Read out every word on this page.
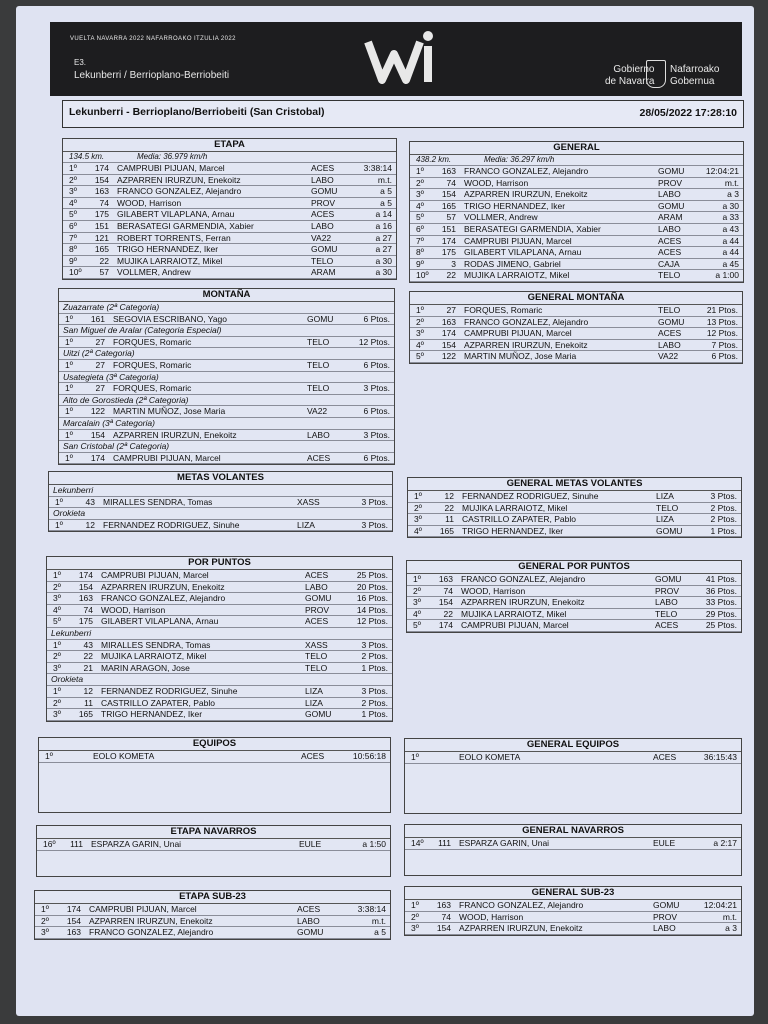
VUELTA NAVARRA 2022 NAFARROAKO ITZULIA 2022
E3.
Lekunberri / Berrioplano-Berriobeiti
Gobierno
de Navarra
Nafarroako
Gobernua
Lekunberri - Berrioplano/Berriobeiti (San Cristobal)	28/05/2022 17:28:10
ETAPA
134.5 km.	Media: 36.979 km/h
1º	174 CAMPRUBI PIJUAN, Marcel	ACES	3:38:14
2º	154 AZPARREN IRURZUN, Enekoitz	LABO	m.t.
3º	163 FRANCO GONZALEZ, Alejandro	GOMU	a 5
4º	74 WOOD, Harrison	PROV	a 5
5º	175 GILABERT VILAPLANA, Arnau	ACES	a 14
6º	151 BERASATEGI GARMENDIA, Xabier	LABO	a 16
7º	121 ROBERT TORRENTS, Ferran	VA22	a 27
8º	165 TRIGO HERNANDEZ, Iker	GOMU	a 27
9º	22 MUJIKA LARRAIOTZ, Mikel	TELO	a 30
10º	57 VOLLMER, Andrew	ARAM	a 30
GENERAL
438.2 km.	Media: 36.297 km/h
1º	163 FRANCO GONZALEZ, Alejandro	GOMU	12:04:21
2º	74 WOOD, Harrison	PROV	m.t.
3º	154 AZPARREN IRURZUN, Enekoitz	LABO	a 3
4º	165 TRIGO HERNANDEZ, Iker	GOMU	a 30
5º	57 VOLLMER, Andrew	ARAM	a 33
6º	151 BERASATEGI GARMENDIA, Xabier	LABO	a 43
7º	174 CAMPRUBI PIJUAN, Marcel	ACES	a 44
8º	175 GILABERT VILAPLANA, Arnau	ACES	a 44
9º	3 RODAS JIMENO, Gabriel	CAJA	a 45
10º	22 MUJIKA LARRAIOTZ, Mikel	TELO	a 1:00
MONTAÑA
Zuazarrate (2ª Categoria)
1º	161 SEGOVIA ESCRIBANO, Yago	GOMU	6 Ptos.
San Miguel de Aralar (Categoria Especial)
1º	27 FORQUES, Romaric	TELO	12 Ptos.
Uitzi (2ª Categoria)
1º	27 FORQUES, Romaric	TELO	6 Ptos.
Usategieta (3ª Categoria)
1º	27 FORQUES, Romaric	TELO	3 Ptos.
Alto de Gorostieda (2ª Categoria)
1º	122 MARTIN MUÑOZ, Jose Maria	VA22	6 Ptos.
Marcalain (3ª Categoria)
1º	154 AZPARREN IRURZUN, Enekoitz	LABO	3 Ptos.
San Cristobal (2ª Categoria)
1º	174 CAMPRUBI PIJUAN, Marcel	ACES	6 Ptos.
GENERAL MONTAÑA
1º	27 FORQUES, Romaric	TELO	21 Ptos.
2º	163 FRANCO GONZALEZ, Alejandro	GOMU	13 Ptos.
3º	174 CAMPRUBI PIJUAN, Marcel	ACES	12 Ptos.
4º	154 AZPARREN IRURZUN, Enekoitz	LABO	7 Ptos.
5º	122 MARTIN MUÑOZ, Jose Maria	VA22	6 Ptos.
METAS VOLANTES
Lekunberri
1º	43 MIRALLES SENDRA, Tomas	XASS	3 Ptos.
Orokieta
1º	12 FERNANDEZ RODRIGUEZ, Sinuhe	LIZA	3 Ptos.
GENERAL METAS VOLANTES
1º	12 FERNANDEZ RODRIGUEZ, Sinuhe	LIZA	3 Ptos.
2º	22 MUJIKA LARRAIOTZ, Mikel	TELO	2 Ptos.
3º	11 CASTRILLO ZAPATER, Pablo	LIZA	2 Ptos.
4º	165 TRIGO HERNANDEZ, Iker	GOMU	1 Ptos.
POR PUNTOS
1º	174 CAMPRUBI PIJUAN, Marcel	ACES	25 Ptos.
2º	154 AZPARREN IRURZUN, Enekoitz	LABO	20 Ptos.
3º	163 FRANCO GONZALEZ, Alejandro	GOMU	16 Ptos.
4º	74 WOOD, Harrison	PROV	14 Ptos.
5º	175 GILABERT VILAPLANA, Arnau	ACES	12 Ptos.
Lekunberri
1º	43 MIRALLES SENDRA, Tomas	XASS	3 Ptos.
2º	22 MUJIKA LARRAIOTZ, Mikel	TELO	2 Ptos.
3º	21 MARIN ARAGON, Jose	TELO	1 Ptos.
Orokieta
1º	12 FERNANDEZ RODRIGUEZ, Sinuhe	LIZA	3 Ptos.
2º	11 CASTRILLO ZAPATER, Pablo	LIZA	2 Ptos.
3º	165 TRIGO HERNANDEZ, Iker	GOMU	1 Ptos.
GENERAL POR PUNTOS
1º	163 FRANCO GONZALEZ, Alejandro	GOMU	41 Ptos.
2º	74 WOOD, Harrison	PROV	36 Ptos.
3º	154 AZPARREN IRURZUN, Enekoitz	LABO	33 Ptos.
4º	22 MUJIKA LARRAIOTZ, Mikel	TELO	29 Ptos.
5º	174 CAMPRUBI PIJUAN, Marcel	ACES	25 Ptos.
EQUIPOS
1º	EOLO KOMETA	ACES	10:56:18
GENERAL EQUIPOS
1º	EOLO KOMETA	ACES	36:15:43
ETAPA NAVARROS
16º	111 ESPARZA GARIN, Unai	EULE	a 1:50
GENERAL NAVARROS
14º	111 ESPARZA GARIN, Unai	EULE	a 2:17
ETAPA SUB-23
1º	174 CAMPRUBI PIJUAN, Marcel	ACES	3:38:14
2º	154 AZPARREN IRURZUN, Enekoitz	LABO	m.t.
3º	163 FRANCO GONZALEZ, Alejandro	GOMU	a 5
GENERAL SUB-23
1º	163 FRANCO GONZALEZ, Alejandro	GOMU	12:04:21
2º	74 WOOD, Harrison	PROV	m.t.
3º	154 AZPARREN IRURZUN, Enekoitz	LABO	a 3
